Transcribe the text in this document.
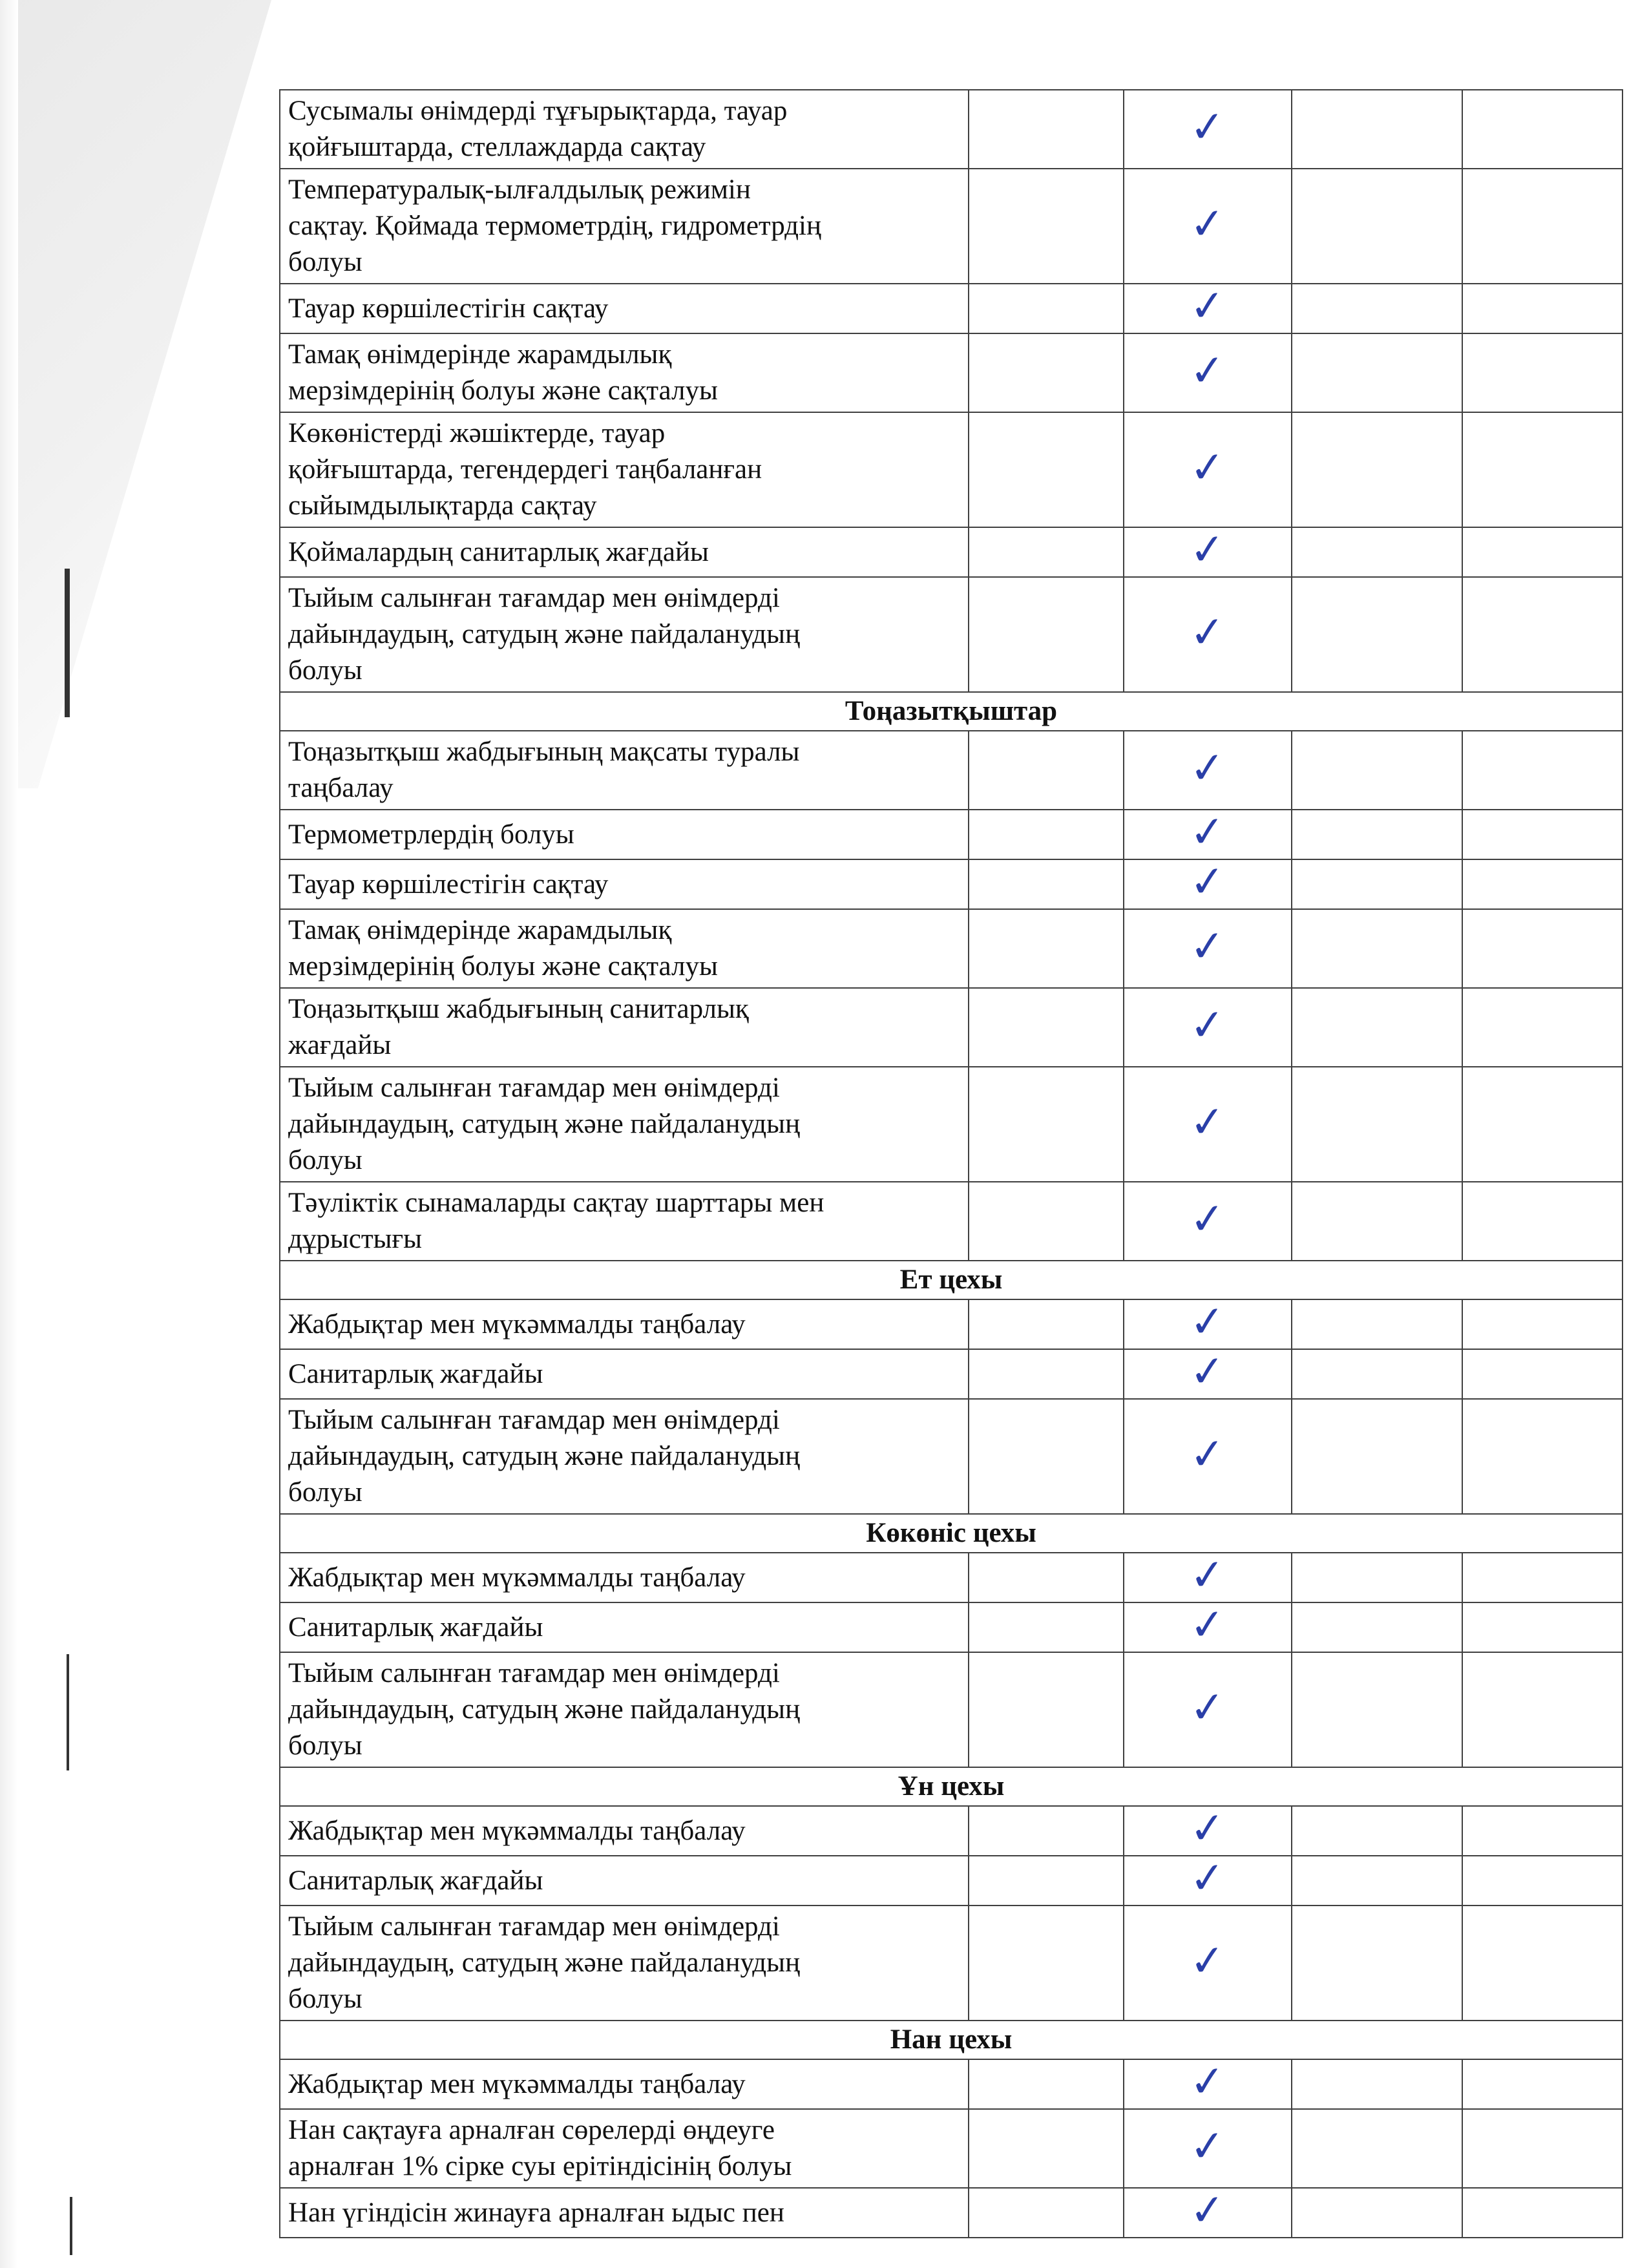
Сусымалы өнімдерді тұғырықтарда, тауар
қойғыштарда, стеллаждарда сақтау		✓		
Температуралық-ылғалдылық режимін
сақтау. Қоймада термометрдің, гидрометрдің
болуы		✓		
Тауар көршілестігін сақтау		✓		
Тамақ өнімдерінде жарамдылық
мерзімдерінің болуы және сақталуы		✓		
Көкөністерді жәшіктерде, тауар
қойғыштарда, тегендердегі таңбаланған
сыйымдылықтарда сақтау		✓		
Қоймалардың санитарлық жағдайы		✓		
Тыйым салынған тағамдар мен өнімдерді
дайындаудың, сатудың және пайдаланудың
болуы		✓		
Тоңазытқыштар				
Тоңазытқыш жабдығының мақсаты туралы
таңбалау		✓		
Термометрлердің болуы		✓		
Тауар көршілестігін сақтау		✓		
Тамақ өнімдерінде жарамдылық
мерзімдерінің болуы және сақталуы		✓		
Тоңазытқыш жабдығының санитарлық
жағдайы		✓		
Тыйым салынған тағамдар мен өнімдерді
дайындаудың, сатудың және пайдаланудың
болуы		✓		
Тәуліктік сынамаларды сақтау шарттары мен
дұрыстығы		✓		
Ет цехы				
Жабдықтар мен мүкәммалды таңбалау		✓		
Санитарлық жағдайы		✓		
Тыйым салынған тағамдар мен өнімдерді
дайындаудың, сатудың және пайдаланудың
болуы		✓		
Көкөніс цехы				
Жабдықтар мен мүкәммалды таңбалау		✓		
Санитарлық жағдайы		✓		
Тыйым салынған тағамдар мен өнімдерді
дайындаудың, сатудың және пайдаланудың
болуы		✓		
Ұн цехы				
Жабдықтар мен мүкәммалды таңбалау		✓		
Санитарлық жағдайы		✓		
Тыйым салынған тағамдар мен өнімдерді
дайындаудың, сатудың және пайдаланудың
болуы		✓		
Нан цехы				
Жабдықтар мен мүкәммалды таңбалау		✓		
Нан сақтауға арналған сөрелерді өңдеуге
арналған 1% сірке суы ерітіндісінің болуы		✓		
Нан үгіндісін жинауға арналған ыдыс пен		✓		
